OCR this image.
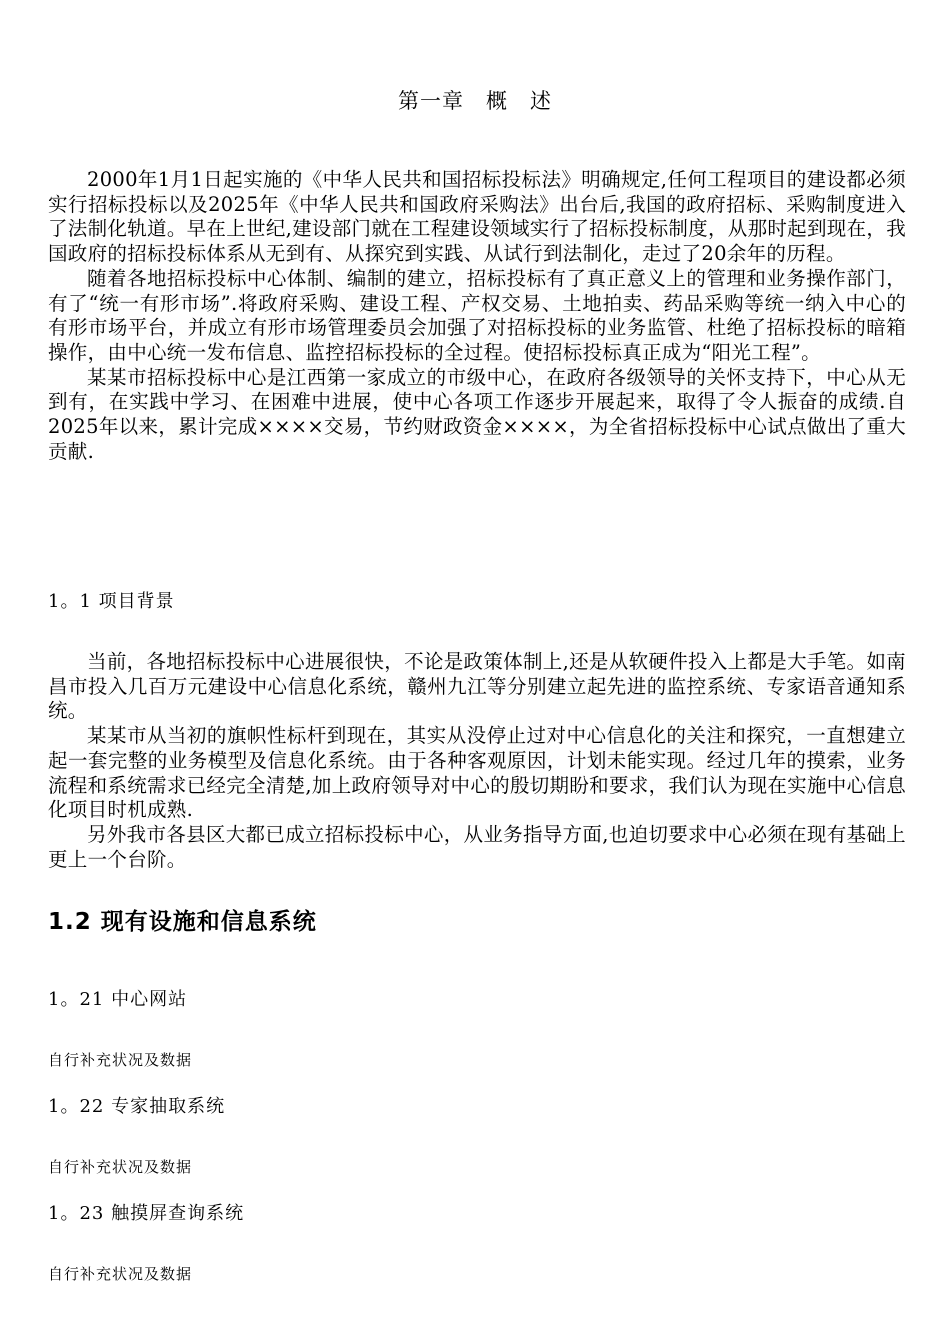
第一章　概　述

2000年1月1日起实施的《中华人民共和国招标投标法》明确规定,任何工程项目的建设都必须实行招标投标以及2025年《中华人民共和国政府采购法》出台后,我国的政府招标、采购制度进入了法制化轨道。早在上世纪,建设部门就在工程建设领域实行了招标投标制度，从那时起到现在，我国政府的招标投标体系从无到有、从探究到实践、从试行到法制化，走过了20余年的历程。

随着各地招标投标中心体制、编制的建立，招标投标有了真正意义上的管理和业务操作部门，有了“统一有形市场”.将政府采购、建设工程、产权交易、土地拍卖、药品采购等统一纳入中心的有形市场平台，并成立有形市场管理委员会加强了对招标投标的业务监管、杜绝了招标投标的暗箱操作，由中心统一发布信息、监控招标投标的全过程。使招标投标真正成为“阳光工程”。

某某市招标投标中心是江西第一家成立的市级中心，在政府各级领导的关怀支持下，中心从无到有，在实践中学习、在困难中进展，使中心各项工作逐步开展起来，取得了令人振奋的成绩.自2025年以来，累计完成××××交易，节约财政资金××××，为全省招标投标中心试点做出了重大贡献.

1。1 项目背景

当前，各地招标投标中心进展很快，不论是政策体制上,还是从软硬件投入上都是大手笔。如南昌市投入几百万元建设中心信息化系统，赣州九江等分别建立起先进的监控系统、专家语音通知系统。

某某市从当初的旗帜性标杆到现在，其实从没停止过对中心信息化的关注和探究，一直想建立起一套完整的业务模型及信息化系统。由于各种客观原因，计划未能实现。经过几年的摸索，业务流程和系统需求已经完全清楚,加上政府领导对中心的殷切期盼和要求，我们认为现在实施中心信息化项目时机成熟.

另外我市各县区大都已成立招标投标中心，从业务指导方面,也迫切要求中心必须在现有基础上更上一个台阶。

1.2 现有设施和信息系统
1。21 中心网站

自行补充状况及数据

1。22 专家抽取系统

自行补充状况及数据

1。23 触摸屏查询系统

自行补充状况及数据
